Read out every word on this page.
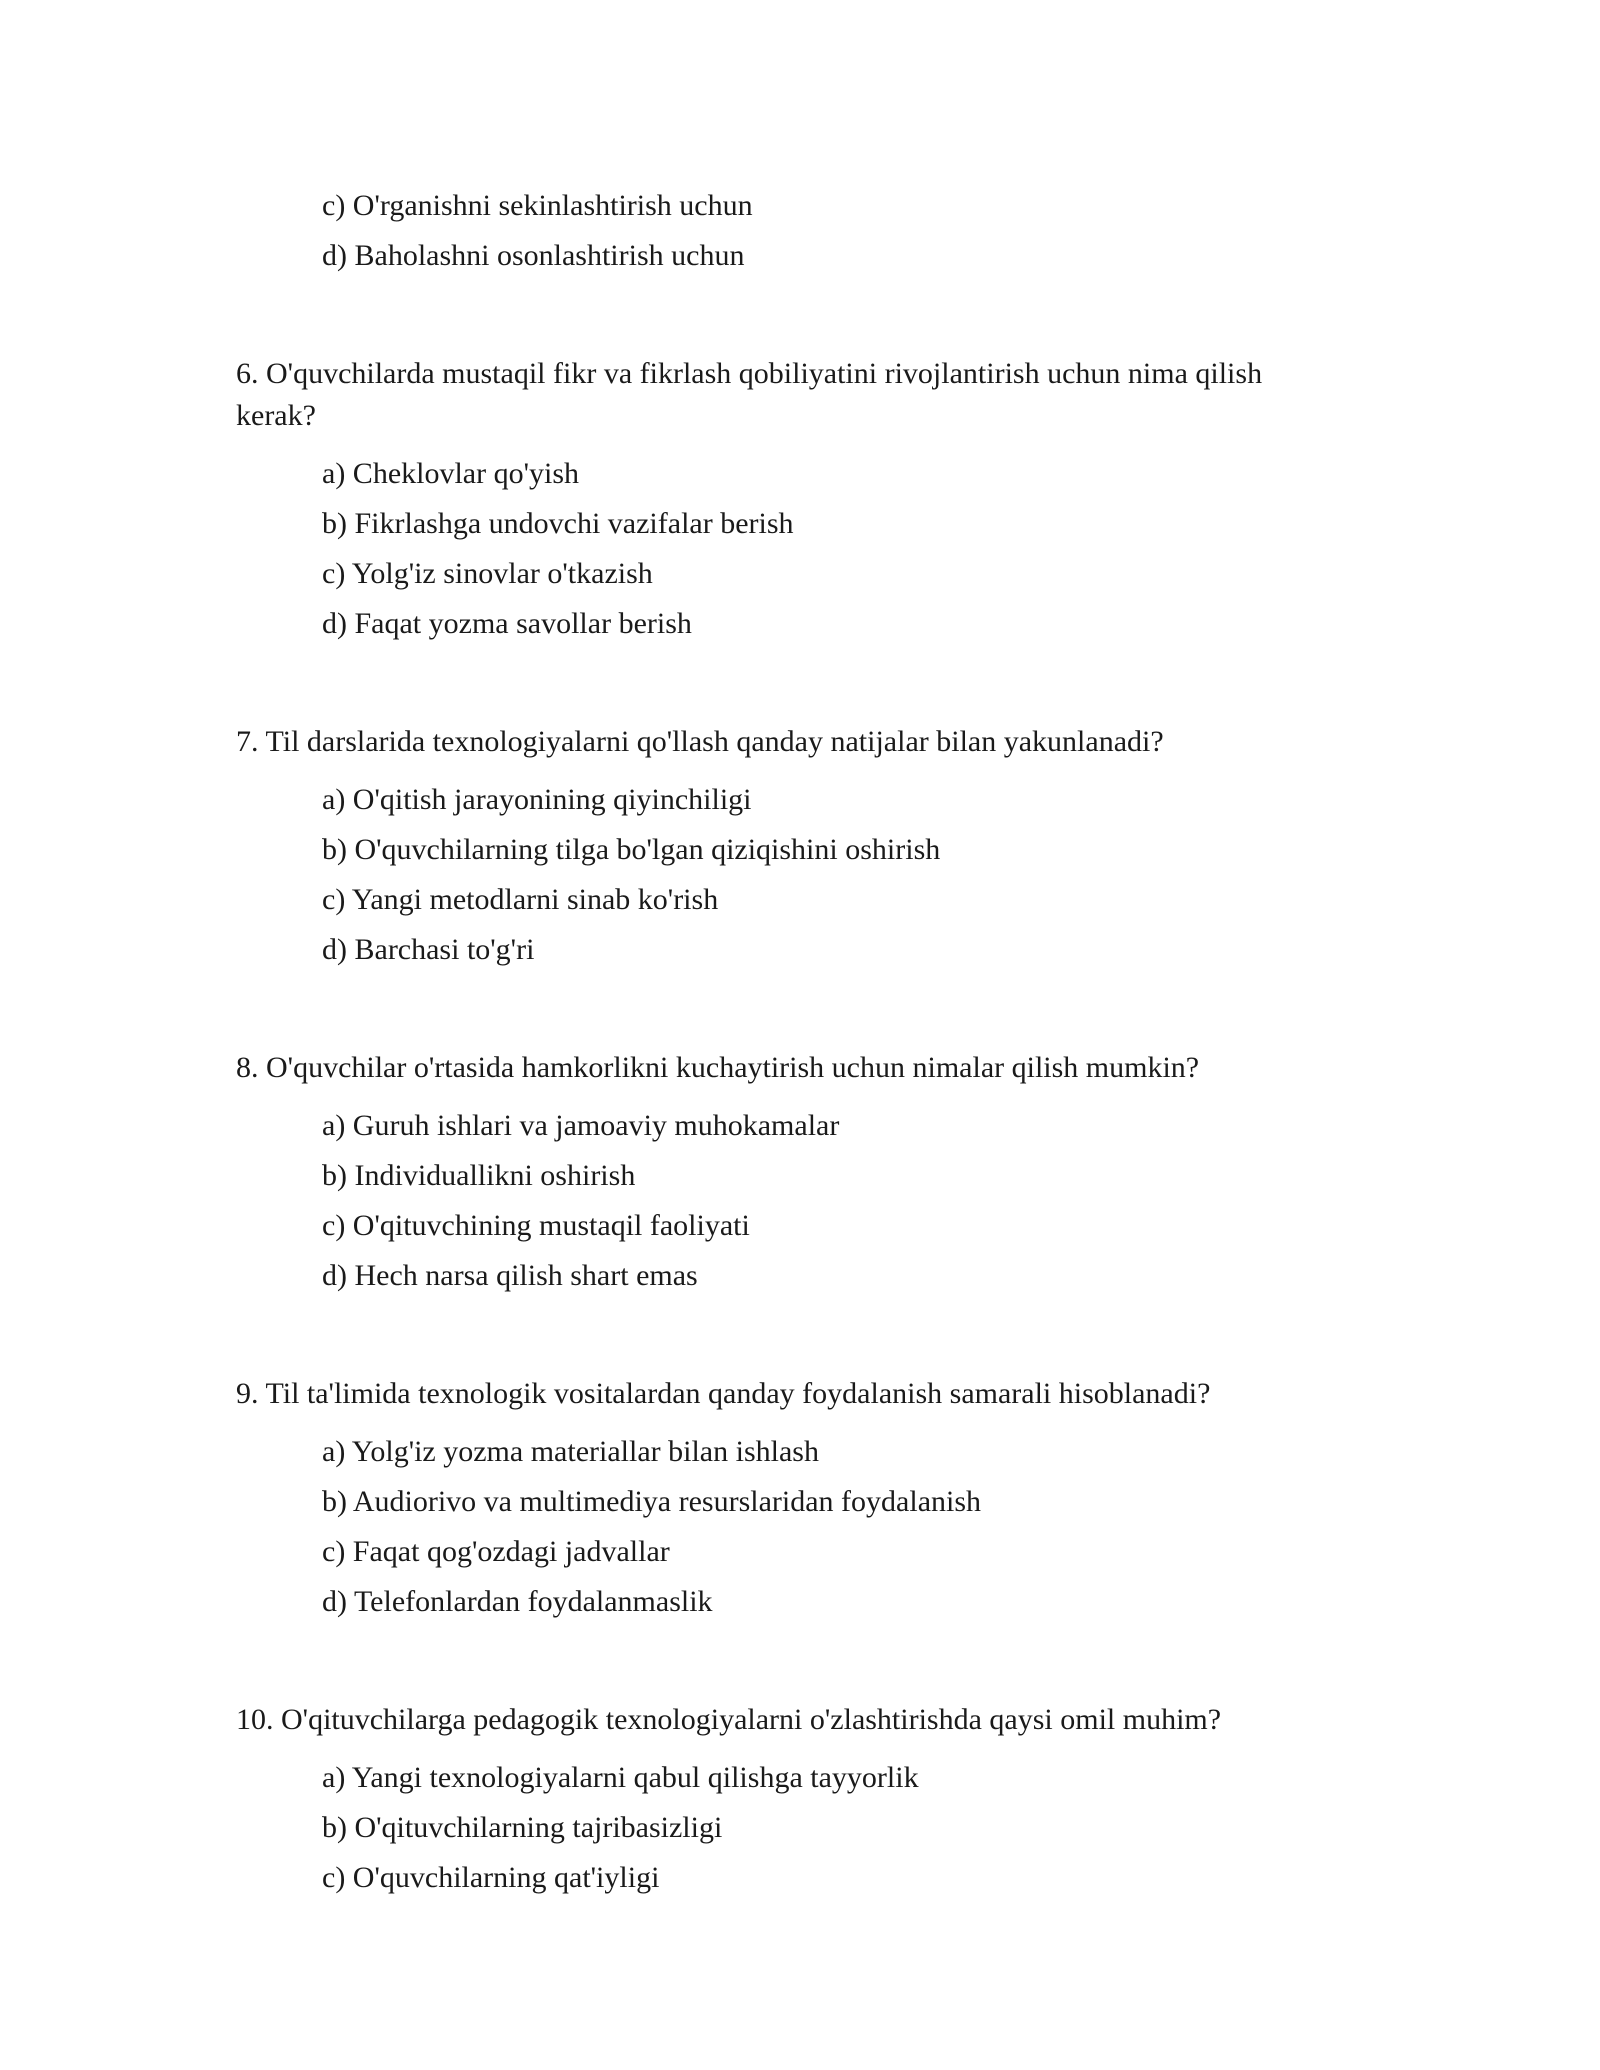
c) O'rganishni sekinlashtirish uchun
d) Baholashni osonlashtirish uchun
6. O'quvchilarda mustaqil fikr va fikrlash qobiliyatini rivojlantirish uchun nima qilish
kerak?
a) Cheklovlar qo'yish
b) Fikrlashga undovchi vazifalar berish
c) Yolg'iz sinovlar o'tkazish
d) Faqat yozma savollar berish
7. Til darslarida texnologiyalarni qo'llash qanday natijalar bilan yakunlanadi?
a) O'qitish jarayonining qiyinchiligi
b) O'quvchilarning tilga bo'lgan qiziqishini oshirish
c) Yangi metodlarni sinab ko'rish
d) Barchasi to'g'ri
8. O'quvchilar o'rtasida hamkorlikni kuchaytirish uchun nimalar qilish mumkin?
a) Guruh ishlari va jamoaviy muhokamalar
b) Individuallikni oshirish
c) O'qituvchining mustaqil faoliyati
d) Hech narsa qilish shart emas
9. Til ta'limida texnologik vositalardan qanday foydalanish samarali hisoblanadi?
a) Yolg'iz yozma materiallar bilan ishlash
b) Audiorivo va multimediya resurslaridan foydalanish
c) Faqat qog'ozdagi jadvallar
d) Telefonlardan foydalanmaslik
10. O'qituvchilarga pedagogik texnologiyalarni o'zlashtirishda qaysi omil muhim?
a) Yangi texnologiyalarni qabul qilishga tayyorlik
b) O'qituvchilarning tajribasizligi
c) O'quvchilarning qat'iyligi
